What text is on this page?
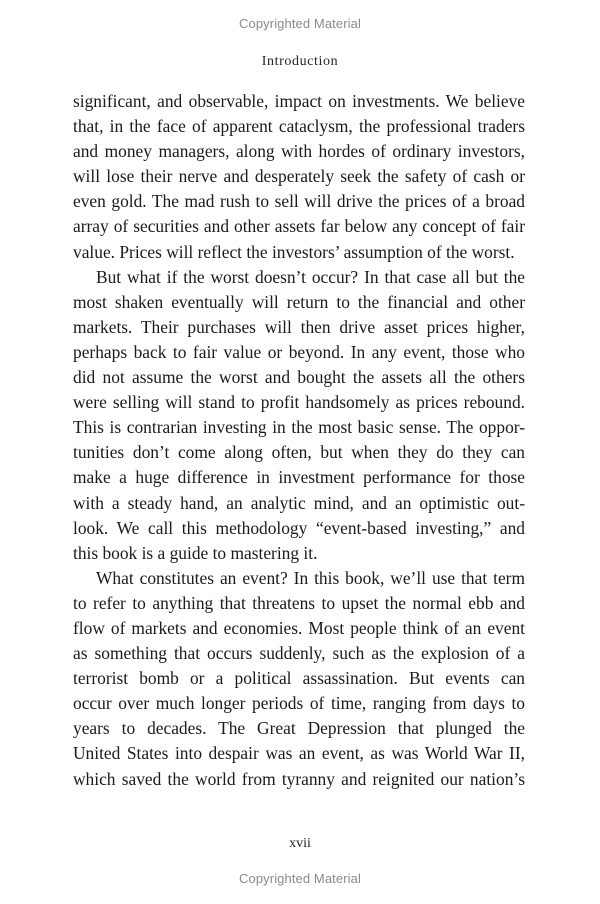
Copyrighted Material
Introduction
significant, and observable, impact on investments. We believe
that, in the face of apparent cataclysm, the professional traders
and money managers, along with hordes of ordinary investors,
will lose their nerve and desperately seek the safety of cash or
even gold. The mad rush to sell will drive the prices of a broad
array of securities and other assets far below any concept of fair
value. Prices will reflect the investors’ assumption of the worst.
But what if the worst doesn’t occur? In that case all but the
most shaken eventually will return to the financial and other
markets. Their purchases will then drive asset prices higher,
perhaps back to fair value or beyond. In any event, those who
did not assume the worst and bought the assets all the others
were selling will stand to profit handsomely as prices rebound.
This is contrarian investing in the most basic sense. The oppor-
tunities don’t come along often, but when they do they can
make a huge difference in investment performance for those
with a steady hand, an analytic mind, and an optimistic out-
look. We call this methodology “event-based investing,” and
this book is a guide to mastering it.
What constitutes an event? In this book, we’ll use that term
to refer to anything that threatens to upset the normal ebb and
flow of markets and economies. Most people think of an event
as something that occurs suddenly, such as the explosion of a
terrorist bomb or a political assassination. But events can
occur over much longer periods of time, ranging from days to
years to decades. The Great Depression that plunged the
United States into despair was an event, as was World War II,
which saved the world from tyranny and reignited our nation’s
xvii
Copyrighted Material
